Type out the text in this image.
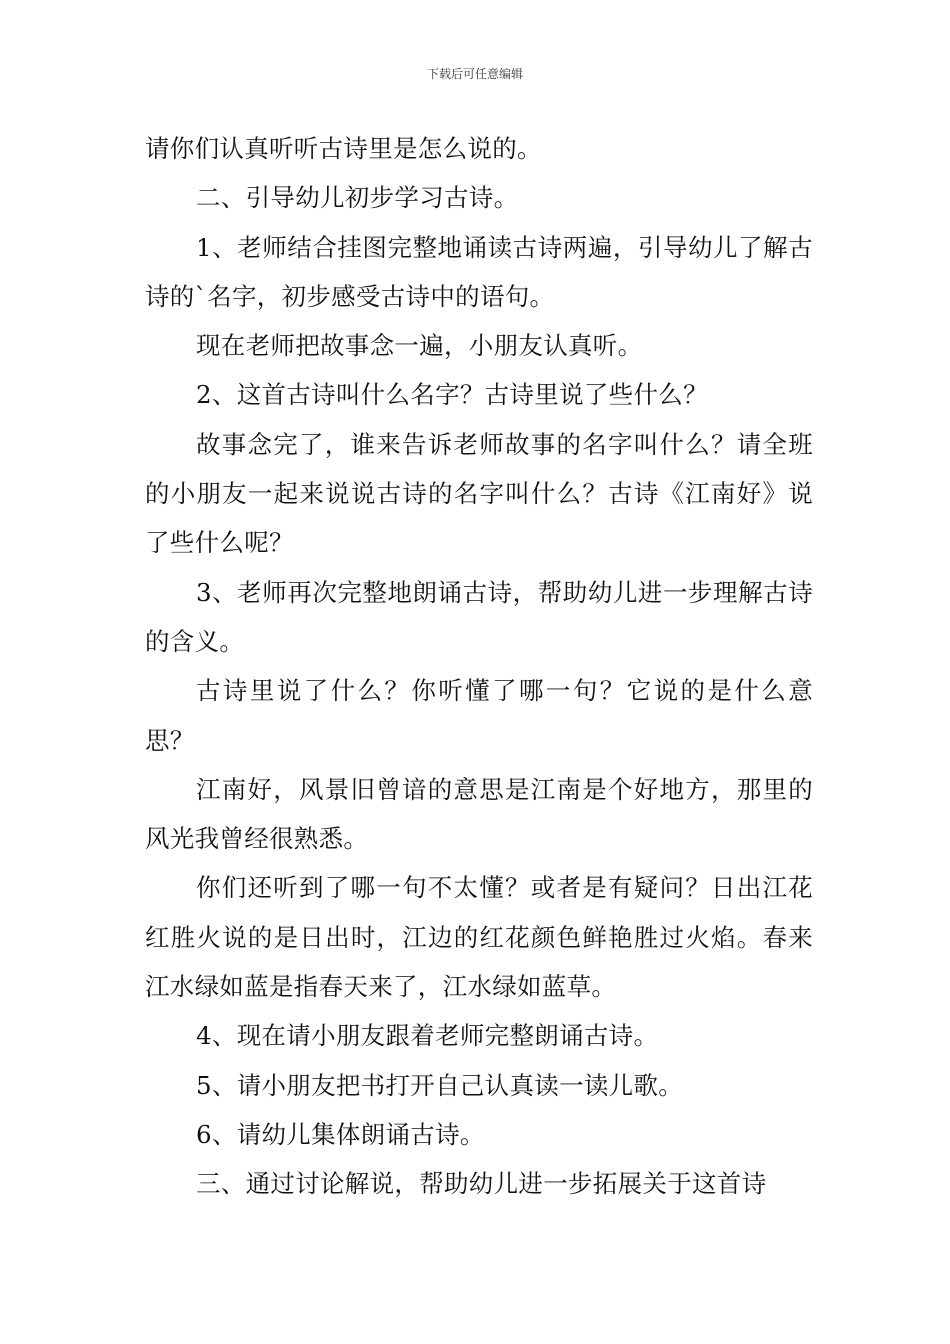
下载后可任意编辑

请你们认真听听古诗里是怎么说的。

二、引导幼儿初步学习古诗。

1、老师结合挂图完整地诵读古诗两遍，引导幼儿了解古诗的`名字，初步感受古诗中的语句。

现在老师把故事念一遍，小朋友认真听。

2、这首古诗叫什么名字？古诗里说了些什么？

故事念完了，谁来告诉老师故事的名字叫什么？请全班的小朋友一起来说说古诗的名字叫什么？古诗《江南好》说了些什么呢？

3、老师再次完整地朗诵古诗，帮助幼儿进一步理解古诗的含义。

古诗里说了什么？你听懂了哪一句？它说的是什么意思？

江南好，风景旧曾谙的意思是江南是个好地方，那里的风光我曾经很熟悉。

你们还听到了哪一句不太懂？或者是有疑问？日出江花红胜火说的是日出时，江边的红花颜色鲜艳胜过火焰。春来江水绿如蓝是指春天来了，江水绿如蓝草。

4、现在请小朋友跟着老师完整朗诵古诗。

5、请小朋友把书打开自己认真读一读儿歌。

6、请幼儿集体朗诵古诗。

三、通过讨论解说，帮助幼儿进一步拓展关于这首诗
